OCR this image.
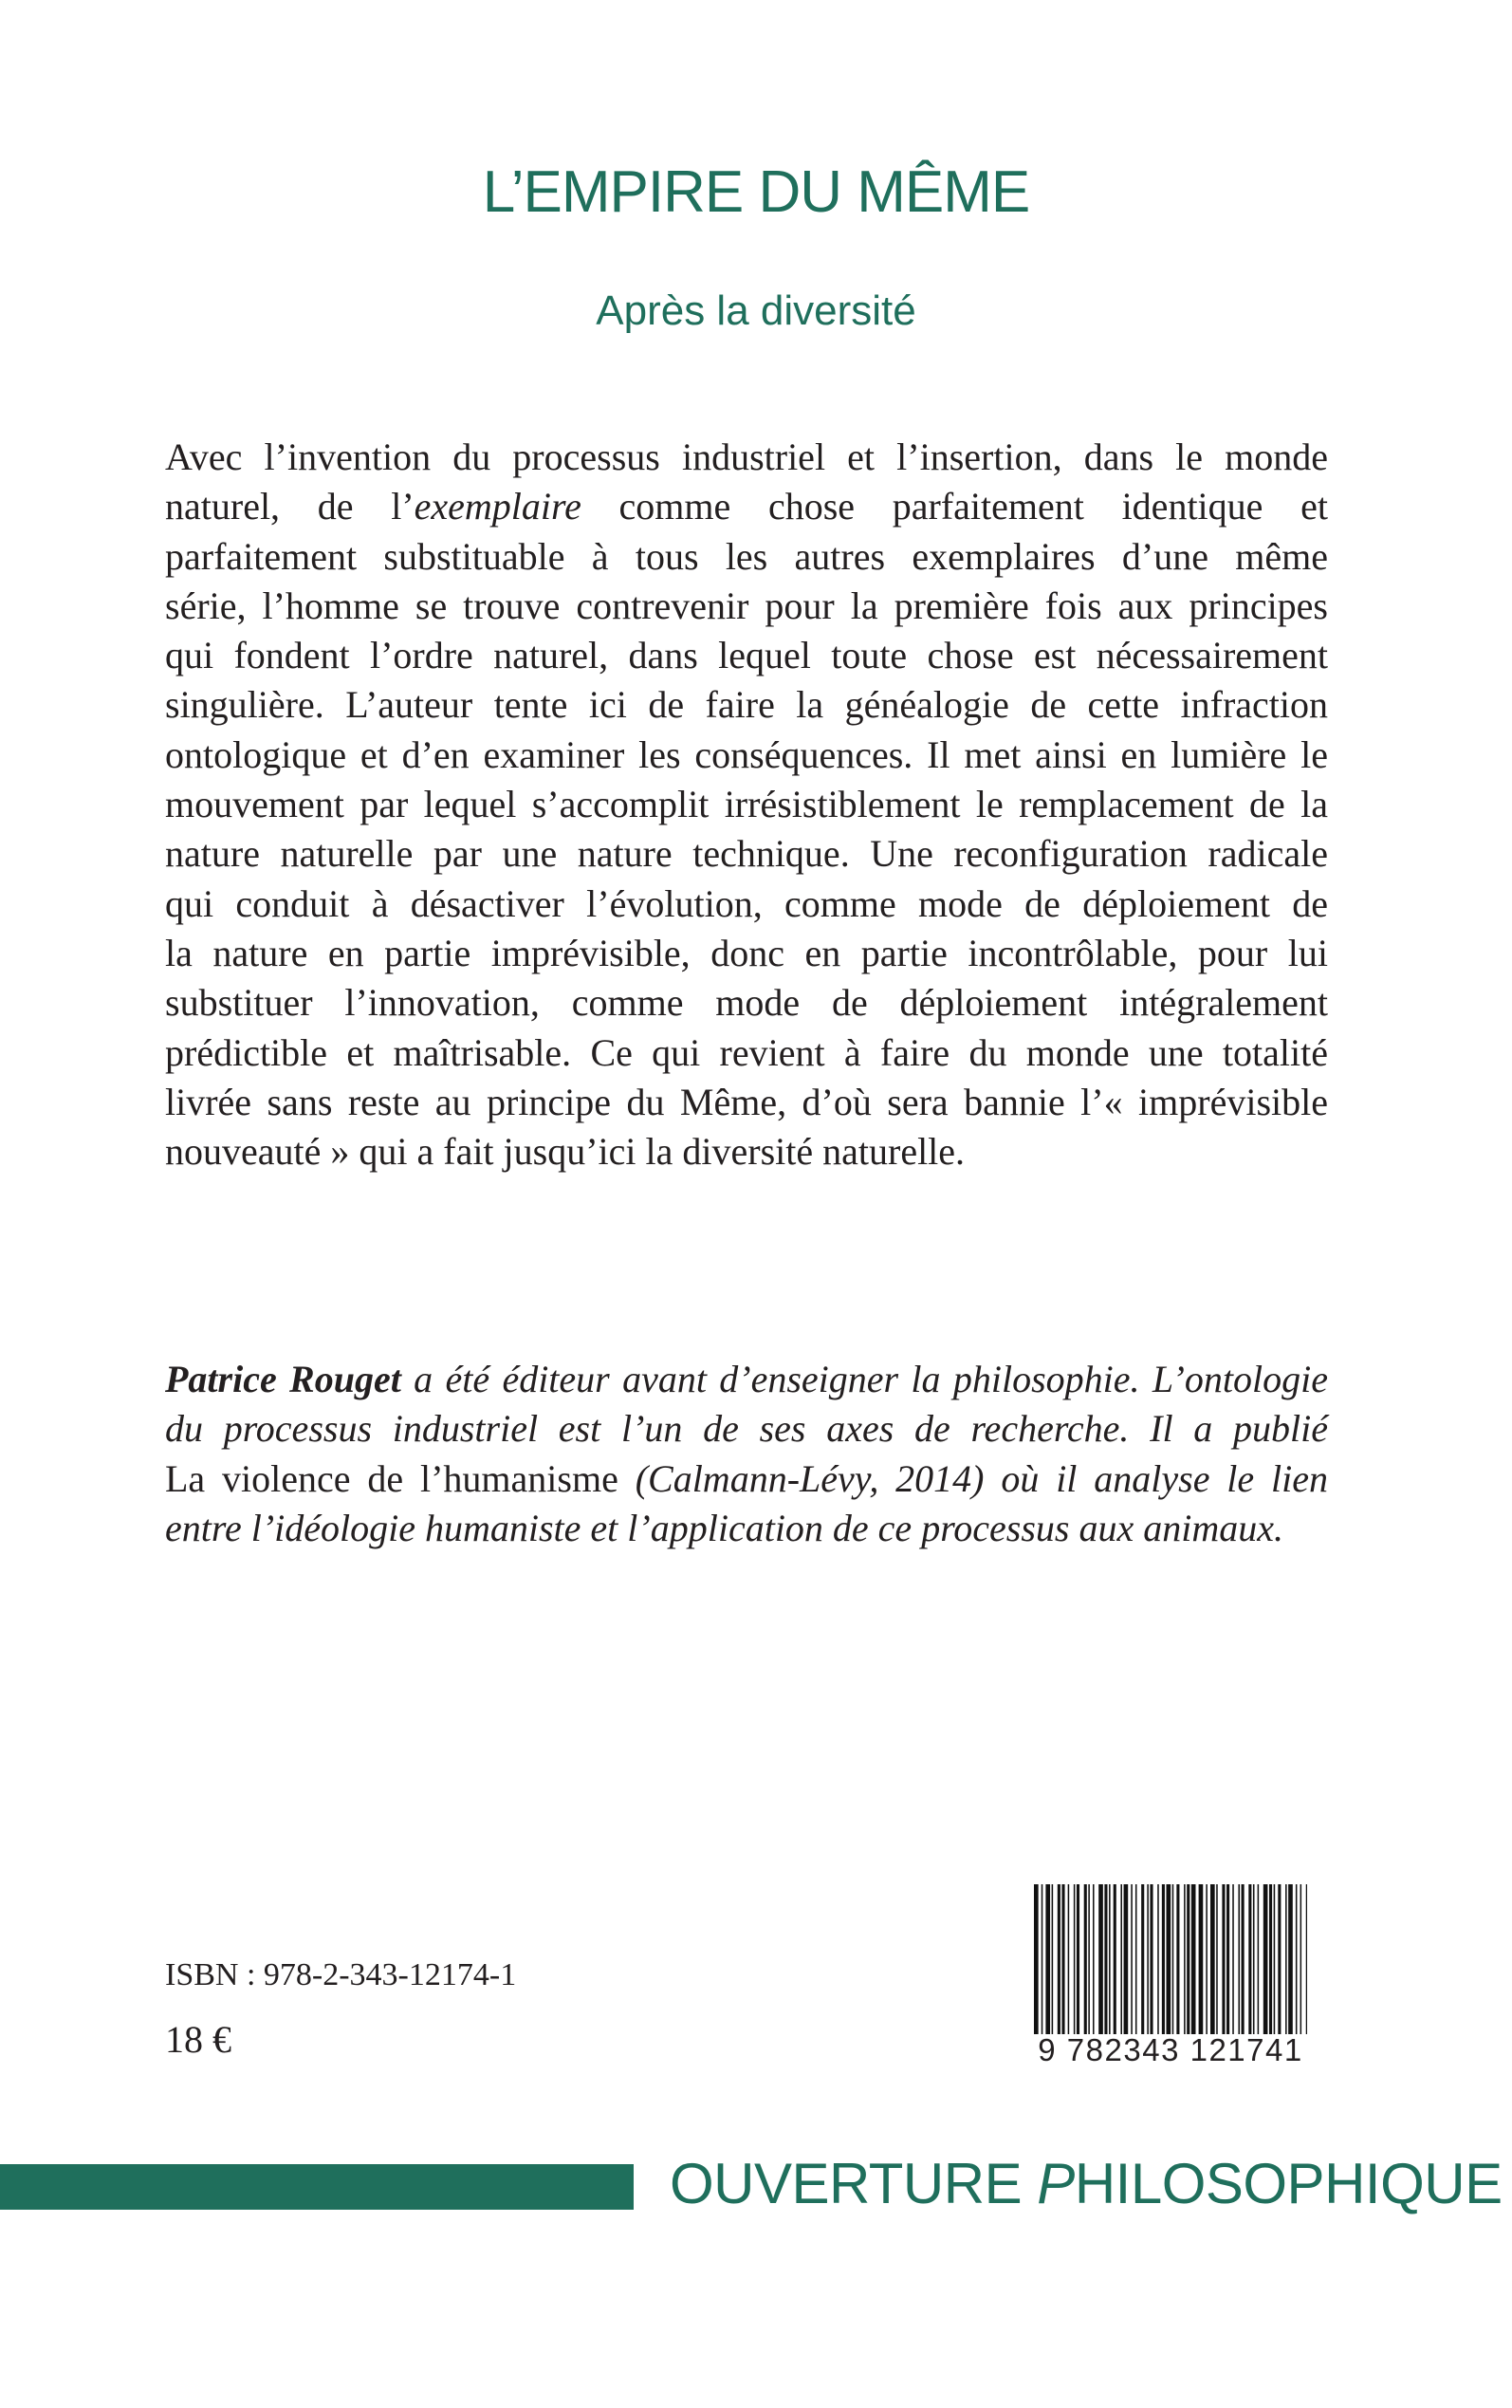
L’EMPIRE DU MÊME
Après la diversité
Avec l’invention du processus industriel et l’insertion, dans le monde
naturel, de l’exemplaire comme chose parfaitement identique et
parfaitement substituable à tous les autres exemplaires d’une même
série, l’homme se trouve contrevenir pour la première fois aux principes
qui fondent l’ordre naturel, dans lequel toute chose est nécessairement
singulière. L’auteur tente ici de faire la généalogie de cette infraction
ontologique et d’en examiner les conséquences. Il met ainsi en lumière le
mouvement par lequel s’accomplit irrésistiblement le remplacement de la
nature naturelle par une nature technique. Une reconfiguration radicale
qui conduit à désactiver l’évolution, comme mode de déploiement de
la nature en partie imprévisible, donc en partie incontrôlable, pour lui
substituer l’innovation, comme mode de déploiement intégralement
prédictible et maîtrisable. Ce qui revient à faire du monde une totalité
livrée sans reste au principe du Même, d’où sera bannie l’« imprévisible
nouveauté » qui a fait jusqu’ici la diversité naturelle.
Patrice Rouget a été éditeur avant d’enseigner la philosophie. L’ontologie
du processus industriel est l’un de ses axes de recherche. Il a publié
La violence de l’humanisme (Calmann-Lévy, 2014) où il analyse le lien
entre l’idéologie humaniste et l’application de ce processus aux animaux.
ISBN : 978-2-343-12174-1
18 €	9 782343 121741
OUVERTURE PHILOSOPHIQUE
